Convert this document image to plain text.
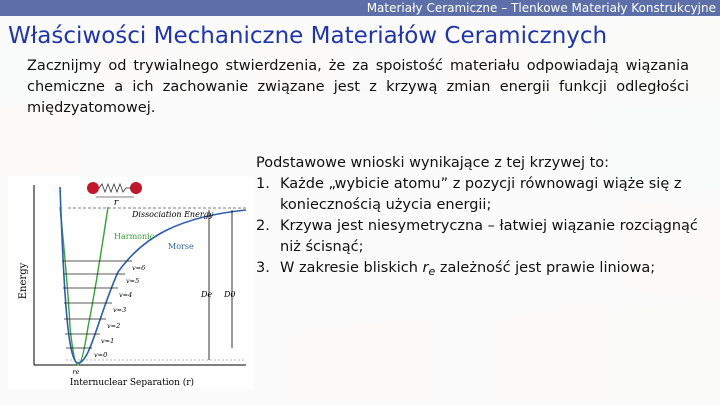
Materiały Ceramiczne – Tlenkowe Materiały Konstrukcyjne
Właściwości Mechaniczne Materiałów Ceramicznych
Zacznijmy od trywialnego stwierdzenia, że za spoistość materiału odpowiadają wiązania chemiczne a ich zachowanie związane jest z krzywą zmian energii funkcji odległości międzyatomowej.
r
Dissociation Energy
Harmonic
Morse
v=6
v=5
v=4
v=3
v=2
v=1
v=0
De D0
re
Internuclear Separation (r)
Energy
Podstawowe wnioski wynikające z tej krzywej to:
1. Każde „wybicie atomu” z pozycji równowagi wiąże się z koniecznością użycia energii;
2. Krzywa jest niesymetryczna – łatwiej wiązanie rozciągnąć niż ścisnąć;
3. W zakresie bliskich $r_e$ zależność jest prawie liniowa;
